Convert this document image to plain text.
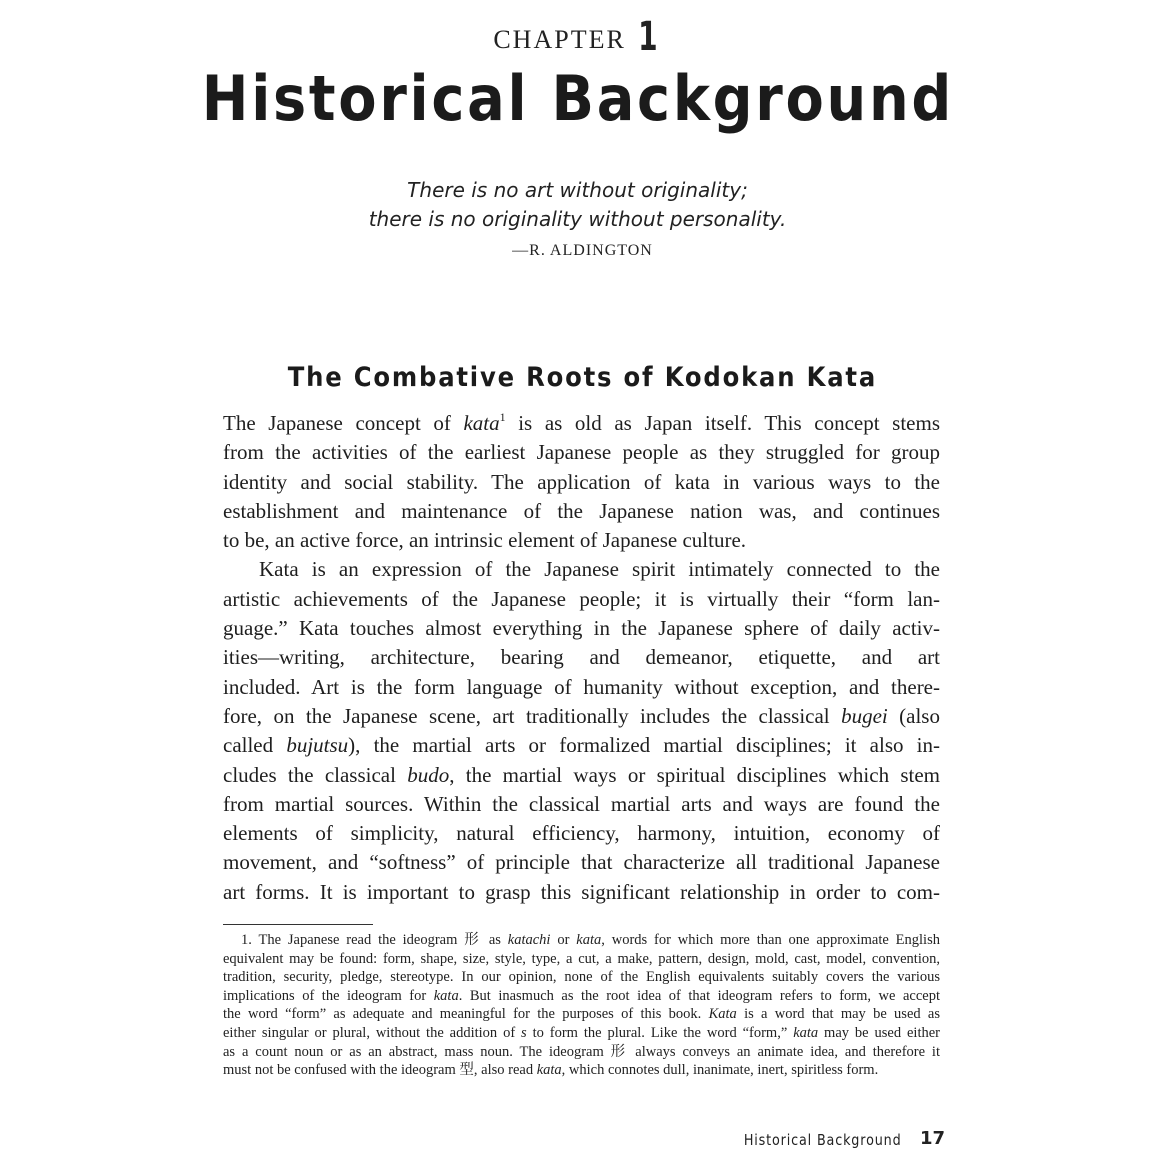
CHAPTER 1
Historical Background
There is no art without originality;
there is no originality without personality.
—R. ALDINGTON
The Combative Roots of Kodokan Kata
The Japanese concept of kata$^1$ is as old as Japan itself. This concept stems
from the activities of the earliest Japanese people as they struggled for group
identity and social stability. The application of kata in various ways to the
establishment and maintenance of the Japanese nation was, and continues
to be, an active force, an intrinsic element of Japanese culture.
Kata is an expression of the Japanese spirit intimately connected to the
artistic achievements of the Japanese people; it is virtually their “form lan-
guage.” Kata touches almost everything in the Japanese sphere of daily activ-
ities—writing, architecture, bearing and demeanor, etiquette, and art
included. Art is the form language of humanity without exception, and there-
fore, on the Japanese scene, art traditionally includes the classical bugei (also
called bujutsu), the martial arts or formalized martial disciplines; it also in-
cludes the classical budo, the martial ways or spiritual disciplines which stem
from martial sources. Within the classical martial arts and ways are found the
elements of simplicity, natural efficiency, harmony, intuition, economy of
movement, and “softness” of principle that characterize all traditional Japanese
art forms. It is important to grasp this significant relationship in order to com-
1. The Japanese read the ideogram 形 as katachi or kata, words for which more than one approximate English
equivalent may be found: form, shape, size, style, type, a cut, a make, pattern, design, mold, cast, model, convention,
tradition, security, pledge, stereotype. In our opinion, none of the English equivalents suitably covers the various
implications of the ideogram for kata. But inasmuch as the root idea of that ideogram refers to form, we accept
the word “form” as adequate and meaningful for the purposes of this book. Kata is a word that may be used as
either singular or plural, without the addition of s to form the plural. Like the word “form,” kata may be used either
as a count noun or as an abstract, mass noun. The ideogram 形 always conveys an animate idea, and therefore it
must not be confused with the ideogram 型, also read kata, which connotes dull, inanimate, inert, spiritless form.
Historical Background 17
